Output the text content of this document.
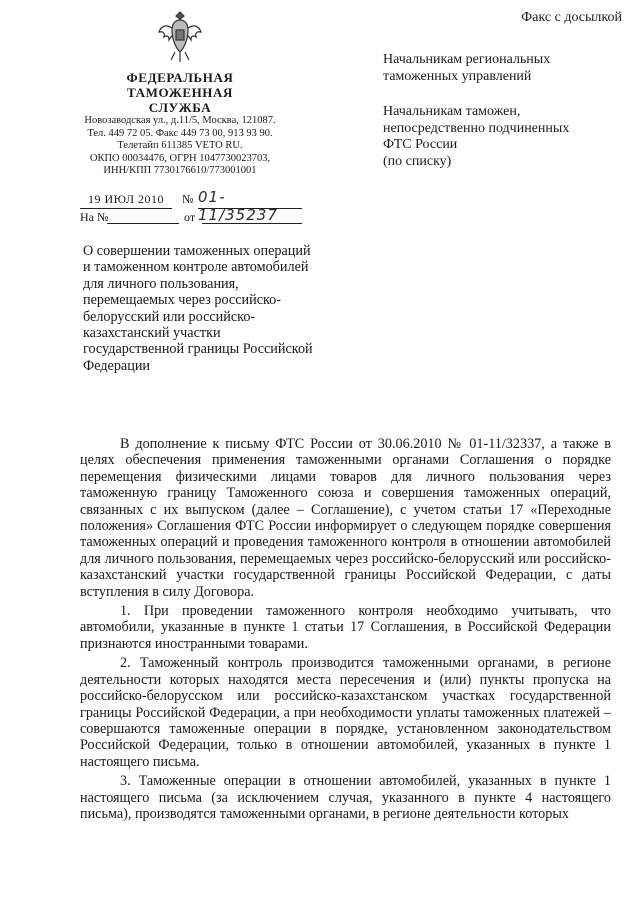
Факс с досылкой
ФЕДЕРАЛЬНАЯ
ТАМОЖЕННАЯ СЛУЖБА
Новозаводская ул., д.11/5, Москва, 121087.
Тел. 449 72 05. Факс 449 73 00, 913 93 90.
Телетайп 611385 VETO RU.
ОКПО 00034476, ОГРН 1047730023703,
ИНН/КПП 7730176610/773001001
19 ИЮЛ 2010	№ 01-11/35237
На №	от
Начальникам региональных
таможенных управлений
Начальникам таможен,
непосредственно подчиненных
ФТС России
(по списку)
О совершении таможенных операций и таможенном контроле автомобилей для личного пользования, перемещаемых через российско-белорусский или российско-казахстанский участки государственной границы Российской Федерации

В дополнение к письму ФТС России от 30.06.2010 № 01-11/32337, а также в целях обеспечения применения таможенными органами Соглашения о порядке перемещения физическими лицами товаров для личного пользования через таможенную границу Таможенного союза и совершения таможенных операций, связанных с их выпуском (далее – Соглашение), с учетом статьи 17 «Переходные положения» Соглашения ФТС России информирует о следующем порядке совершения таможенных операций и проведения таможенного контроля в отношении автомобилей для личного пользования, перемещаемых через российско-белорусский или российско-казахстанский участки государственной границы Российской Федерации, с даты вступления в силу Договора.

1. При проведении таможенного контроля необходимо учитывать, что автомобили, указанные в пункте 1 статьи 17 Соглашения, в Российской Федерации признаются иностранными товарами.

2. Таможенный контроль производится таможенными органами, в регионе деятельности которых находятся места пересечения и (или) пункты пропуска на российско-белорусском или российско-казахстанском участках государственной границы Российской Федерации, а при необходимости уплаты таможенных платежей – совершаются таможенные операции в порядке, установленном законодательством Российской Федерации, только в отношении автомобилей, указанных в пункте 1 настоящего письма.

3. Таможенные операции в отношении автомобилей, указанных в пункте 1 настоящего письма (за исключением случая, указанного в пункте 4 настоящего письма), производятся таможенными органами, в регионе деятельности которых
